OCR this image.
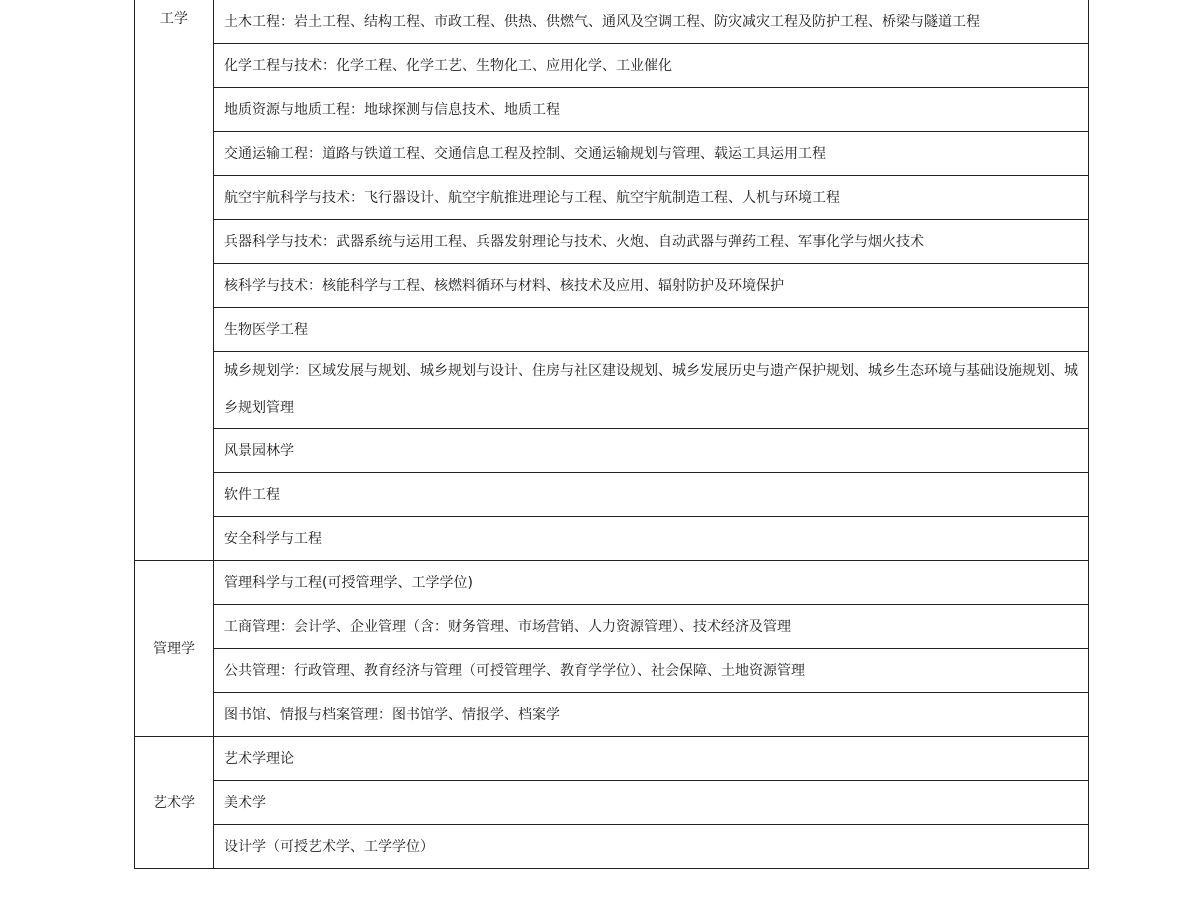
工学	土木工程：岩土工程、结构工程、市政工程、供热、供燃气、通风及空调工程、防灾减灾工程及防护工程、桥梁与隧道工程
	化学工程与技术：化学工程、化学工艺、生物化工、应用化学、工业催化
	地质资源与地质工程：地球探测与信息技术、地质工程
	交通运输工程：道路与铁道工程、交通信息工程及控制、交通运输规划与管理、载运工具运用工程
	航空宇航科学与技术：飞行器设计、航空宇航推进理论与工程、航空宇航制造工程、人机与环境工程
	兵器科学与技术：武器系统与运用工程、兵器发射理论与技术、火炮、自动武器与弹药工程、军事化学与烟火技术
	核科学与技术：核能科学与工程、核燃料循环与材料、核技术及应用、辐射防护及环境保护
	生物医学工程

	城乡规划学：区域发展与规划、城乡规划与设计、住房与社区建设规划、城乡发展历史与遗产保护规划、城乡生态环境与基础设施规划、城乡规划管理

	风景园林学
	软件工程
	安全科学与工程
管理学	管理科学与工程(可授管理学、工学学位)
	工商管理：会计学、企业管理（含：财务管理、市场营销、人力资源管理）、技术经济及管理
	公共管理：行政管理、教育经济与管理（可授管理学、教育学学位）、社会保障、土地资源管理
	图书馆、情报与档案管理：图书馆学、情报学、档案学
艺术学	艺术学理论
	美术学
	设计学（可授艺术学、工学学位）
